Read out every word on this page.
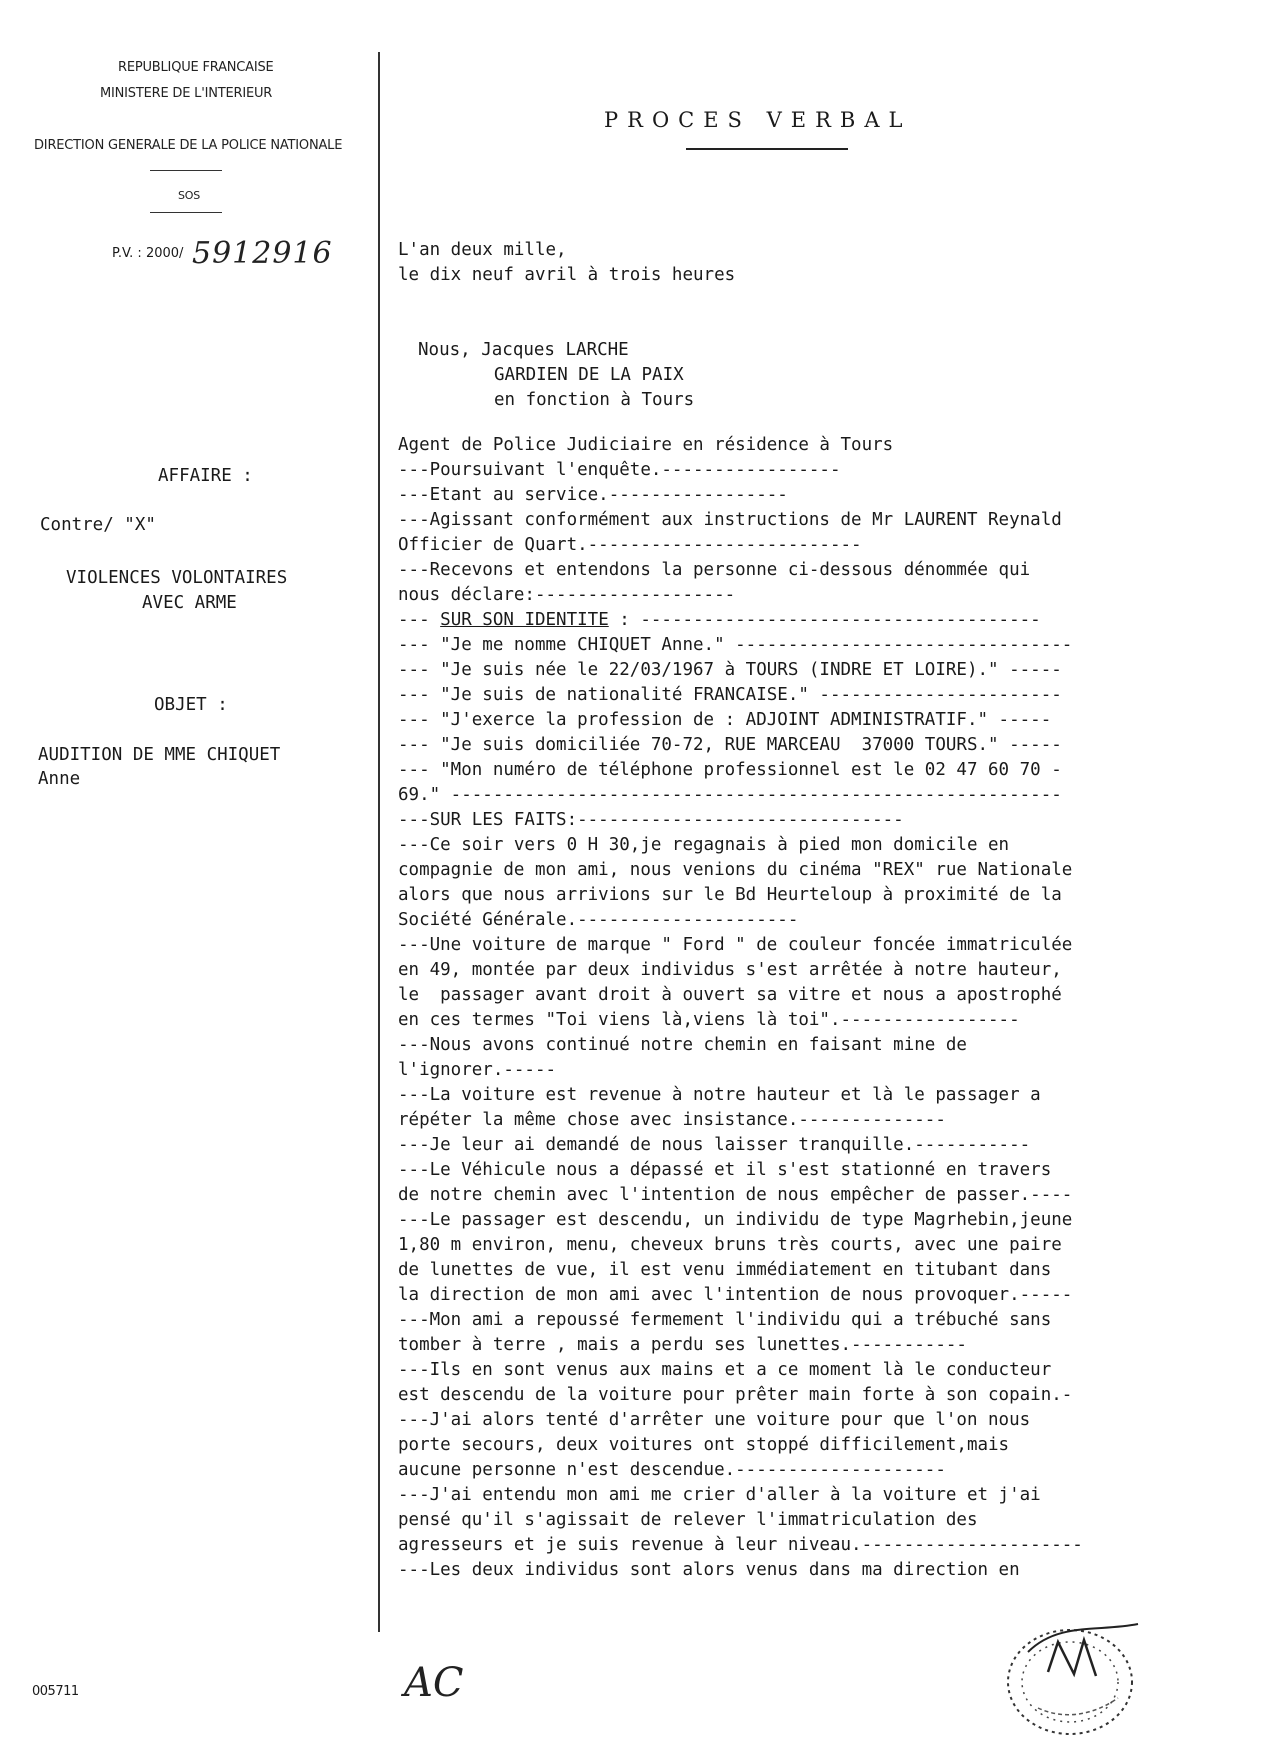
REPUBLIQUE FRANCAISE
MINISTERE DE L'INTERIEUR
DIRECTION GENERALE DE LA POLICE NATIONALE
SOS
P.V. : 2000/ 5912916
AFFAIRE :
Contre/ "X"
VIOLENCES VOLONTAIRES
AVEC ARME
OBJET :
AUDITION DE MME CHIQUET
Anne
005711
PROCES VERBAL
L'an deux mille,
le dix neuf avril à trois heures
Nous, Jacques LARCHE
GARDIEN DE LA PAIX
en fonction à Tours
Agent de Police Judiciaire en résidence à Tours
---Poursuivant l'enquête.-----------------
---Etant au service.-----------------
---Agissant conformément aux instructions de Mr LAURENT Reynald
Officier de Quart.--------------------------
---Recevons et entendons la personne ci-dessous dénommée qui
nous déclare:-------------------
--- SUR SON IDENTITE : --------------------------------------
--- "Je me nomme CHIQUET Anne." --------------------------------
--- "Je suis née le 22/03/1967 à TOURS (INDRE ET LOIRE)." -----
--- "Je suis de nationalité FRANCAISE." -----------------------
--- "J'exerce la profession de : ADJOINT ADMINISTRATIF." -----
--- "Je suis domiciliée 70-72, RUE MARCEAU  37000 TOURS." -----
--- "Mon numéro de téléphone professionnel est le 02 47 60 70 -
69." ----------------------------------------------------------
---SUR LES FAITS:-------------------------------
---Ce soir vers 0 H 30,je regagnais à pied mon domicile en
compagnie de mon ami, nous venions du cinéma "REX" rue Nationale
alors que nous arrivions sur le Bd Heurteloup à proximité de la
Société Générale.---------------------
---Une voiture de marque " Ford " de couleur foncée immatriculée
en 49, montée par deux individus s'est arrêtée à notre hauteur,
le  passager avant droit à ouvert sa vitre et nous a apostrophé
en ces termes "Toi viens là,viens là toi".-----------------
---Nous avons continué notre chemin en faisant mine de
l'ignorer.-----
---La voiture est revenue à notre hauteur et là le passager a
répéter la même chose avec insistance.--------------
---Je leur ai demandé de nous laisser tranquille.-----------
---Le Véhicule nous a dépassé et il s'est stationné en travers
de notre chemin avec l'intention de nous empêcher de passer.----
---Le passager est descendu, un individu de type Magrhebin,jeune
1,80 m environ, menu, cheveux bruns très courts, avec une paire
de lunettes de vue, il est venu immédiatement en titubant dans
la direction de mon ami avec l'intention de nous provoquer.-----
---Mon ami a repoussé fermement l'individu qui a trébuché sans
tomber à terre , mais a perdu ses lunettes.-----------
---Ils en sont venus aux mains et a ce moment là le conducteur
est descendu de la voiture pour prêter main forte à son copain.-
---J'ai alors tenté d'arrêter une voiture pour que l'on nous
porte secours, deux voitures ont stoppé difficilement,mais
aucune personne n'est descendue.--------------------
---J'ai entendu mon ami me crier d'aller à la voiture et j'ai
pensé qu'il s'agissait de relever l'immatriculation des
agresseurs et je suis revenue à leur niveau.---------------------
---Les deux individus sont alors venus dans ma direction en
AC
